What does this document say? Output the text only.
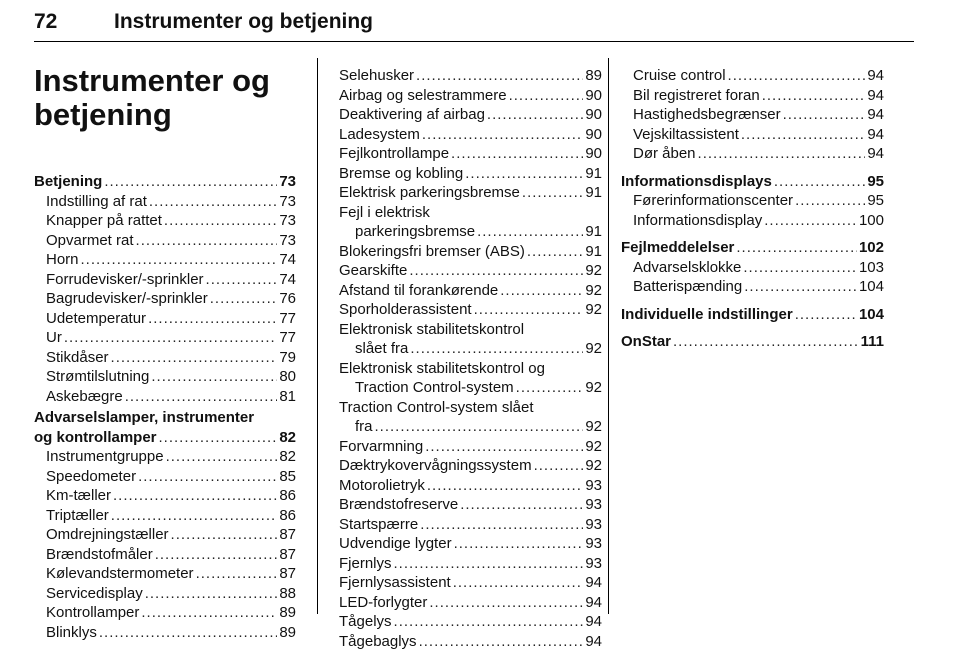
72	Instrumenter og betjening
Instrumenter og betjening
Betjening .....	73
Indstilling af rat .....	73
Knapper på rattet .....	73
Opvarmet rat .....	73
Horn .....	74
Forrudevisker/-sprinkler .....	74
Bagrudevisker/-sprinkler .....	76
Udetemperatur .....	77
Ur .....	77
Stikdåser .....	79
Strømtilslutning .....	80
Askebægre .....	81
Advarselslamper, instrumenter
og kontrollamper .....	82
Instrumentgruppe .....	82
Speedometer .....	85
Km-tæller .....	86
Triptæller .....	86
Omdrejningstæller .....	87
Brændstofmåler .....	87
Kølevandstermometer .....	87
Servicedisplay .....	88
Kontrollamper .....	89
Blinklys .....	89
Selehusker .....	89
Airbag og selestrammere .....	90
Deaktivering af airbag .....	90
Ladesystem .....	90
Fejlkontrollampe .....	90
Bremse og kobling .....	91
Elektrisk parkeringsbremse .....	91
Fejl i elektrisk
parkeringsbremse .....	91
Blokeringsfri bremser (ABS) .....	91
Gearskifte .....	92
Afstand til forankørende .....	92
Sporholderassistent .....	92
Elektronisk stabilitetskontrol
slået fra .....	92
Elektronisk stabilitetskontrol og
Traction Control-system .....	92
Traction Control-system slået
fra .....	92
Forvarmning .....	92
Dæktrykovervågningssystem .....	92
Motorolietryk .....	93
Brændstofreserve .....	93
Startspærre .....	93
Udvendige lygter .....	93
Fjernlys .....	93
Fjernlysassistent .....	94
LED-forlygter .....	94
Tågelys .....	94
Tågebaglys .....	94
Cruise control .....	94
Bil registreret foran .....	94
Hastighedsbegrænser .....	94
Vejskiltassistent .....	94
Dør åben .....	94
Informationsdisplays .....	95
Førerinformationscenter .....	95
Informationsdisplay .....	100
Fejlmeddelelser .....	102
Advarselsklokke .....	103
Batterispænding .....	104
Individuelle indstillinger .....	104
OnStar .....	111
